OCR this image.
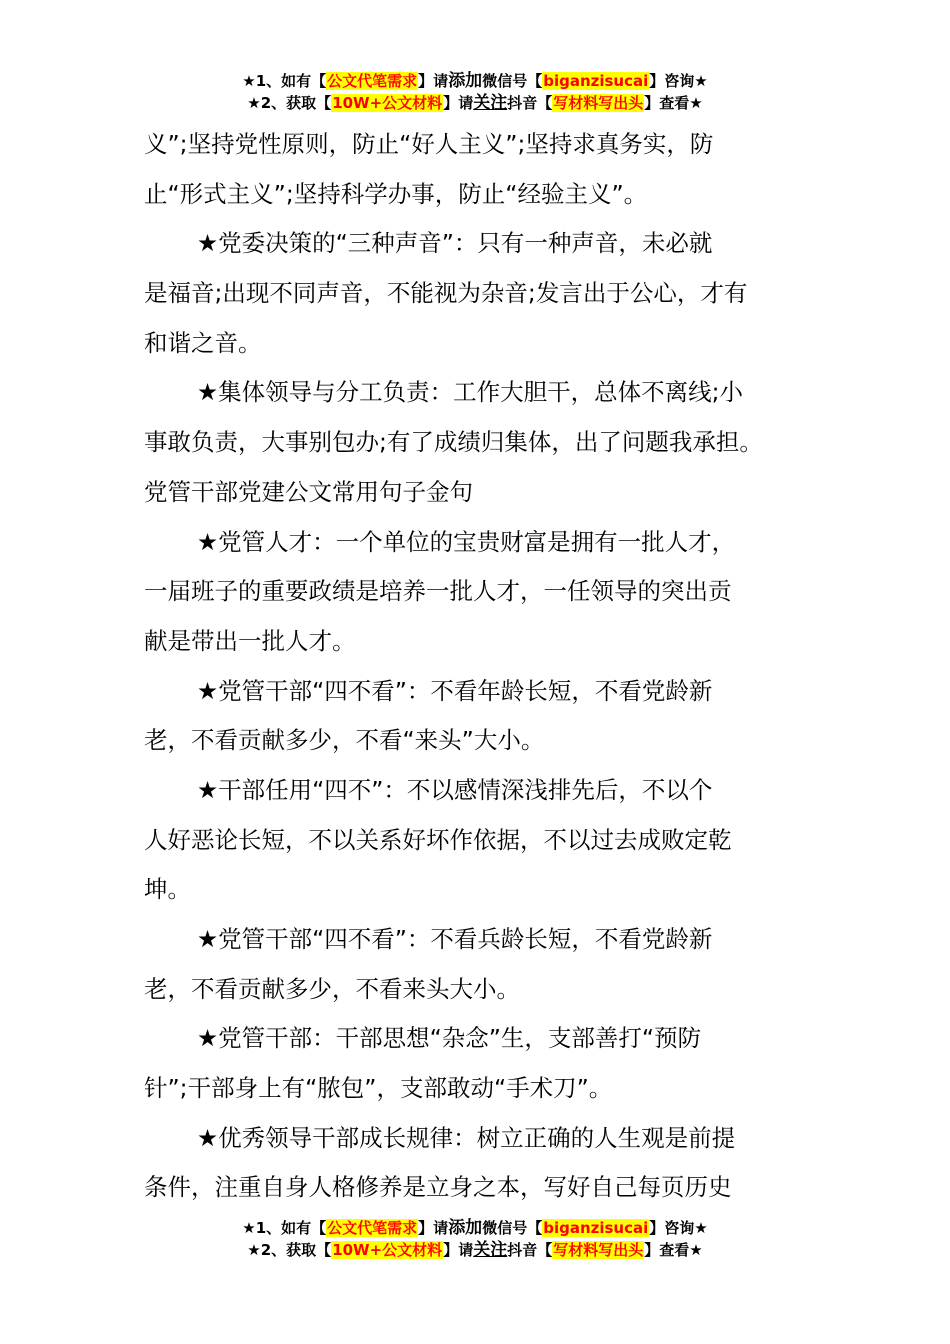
★1、如有【公文代笔需求】请添加微信号【biganzisucai】咨询★
★2、获取【10W+公文材料】请关注抖音【写材料写出头】查看★
义”;坚持党性原则，防止“好人主义”;坚持求真务实，防
止“形式主义”;坚持科学办事，防止“经验主义”。
★党委决策的“三种声音”：只有一种声音，未必就
是福音;出现不同声音，不能视为杂音;发言出于公心，才有
和谐之音。
★集体领导与分工负责：工作大胆干，总体不离线;小
事敢负责，大事别包办;有了成绩归集体，出了问题我承担。
党管干部党建公文常用句子金句
★党管人才：一个单位的宝贵财富是拥有一批人才，
一届班子的重要政绩是培养一批人才，一任领导的突出贡
献是带出一批人才。
★党管干部“四不看”：不看年龄长短，不看党龄新
老，不看贡献多少，不看“来头”大小。
★干部任用“四不”：不以感情深浅排先后，不以个
人好恶论长短，不以关系好坏作依据，不以过去成败定乾
坤。
★党管干部“四不看”：不看兵龄长短，不看党龄新
老，不看贡献多少，不看来头大小。
★党管干部：干部思想“杂念”生，支部善打“预防
针”;干部身上有“脓包”，支部敢动“手术刀”。
★优秀领导干部成长规律：树立正确的人生观是前提
条件，注重自身人格修养是立身之本，写好自己每页历史
★1、如有【公文代笔需求】请添加微信号【biganzisucai】咨询★
★2、获取【10W+公文材料】请关注抖音【写材料写出头】查看★
